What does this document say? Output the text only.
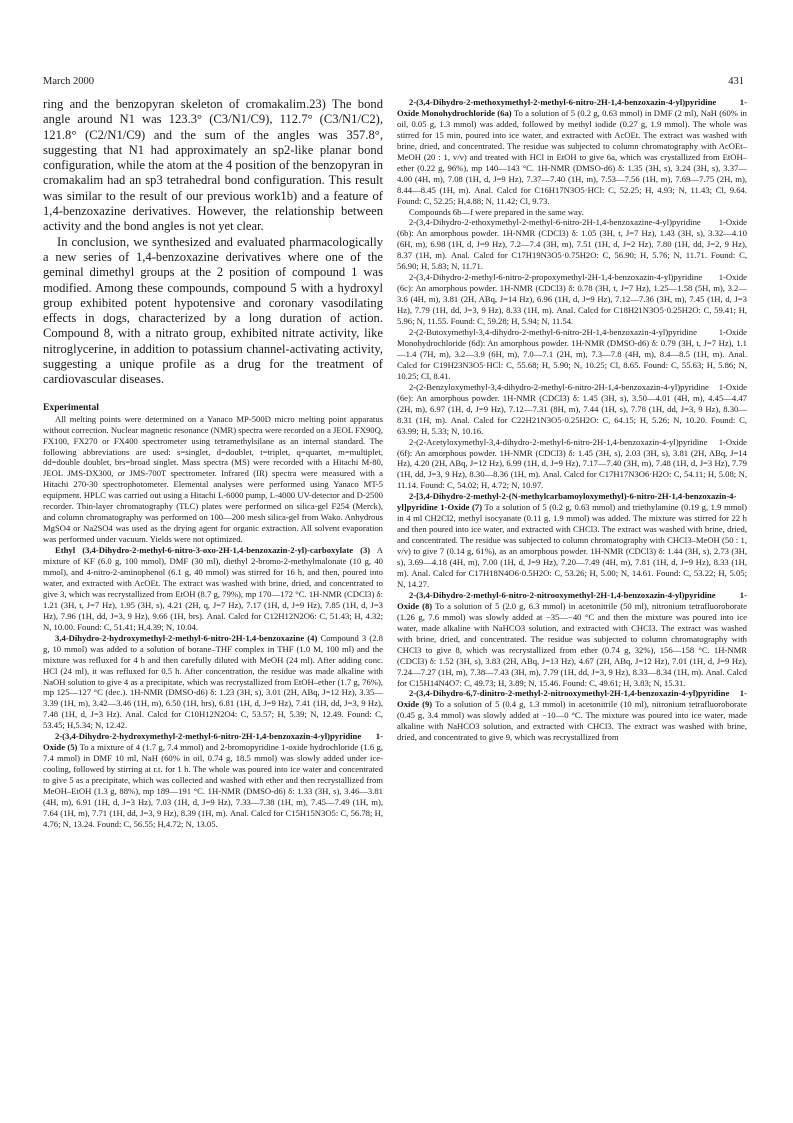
March 2000	431

ring and the benzopyran skeleton of cromakalim.23) The bond angle around N1 was 123.3° (C3/N1/C9), 112.7° (C3/N1/C2), 121.8° (C2/N1/C9) and the sum of the angles was 357.8°, suggesting that N1 had approximately an sp2-like planar bond configuration, while the atom at the 4 position of the benzopyran in cromakalim had an sp3 tetrahedral bond configuration. This result was similar to the result of our previous work1b) and a feature of 1,4-benzoxazine derivatives. However, the relationship between activity and the bond angles is not yet clear.

In conclusion, we synthesized and evaluated pharmacologically a new series of 1,4-benzoxazine derivatives where one of the geminal dimethyl groups at the 2 position of compound 1 was modified. Among these compounds, compound 5 with a hydroxyl group exhibited potent hypotensive and coronary vasodilating effects in dogs, characterized by a long duration of action. Compound 8, with a nitrato group, exhibited nitrate activity, like nitroglycerine, in addition to potassium channel-activating activity, suggesting a unique profile as a drug for the treatment of cardiovascular diseases.

Experimental

All melting points were determined on a Yanaco MP-500D micro melting point apparatus without correction. Nuclear magnetic resonance (NMR) spectra were recorded on a JEOL FX90Q, FX100, FX270 or FX400 spectrometer using tetramethylsilane as an internal standard. The following abbreviations are used: s=singlet, d=doublet, t=triplet, q=quartet, m=multiplet, dd=double doublet, brs=broad singlet. Mass spectra (MS) were recorded with a Hitachi M-80, JEOL JMS-DX300, or JMS-700T spectrometer. Infrared (IR) spectra were measured with a Hitachi 270-30 spectrophotometer. Elemental analyses were performed using Yanaco MT-5 equipment. HPLC was carried out using a Hitachi L-6000 pump, L-4000 UV-detector and D-2500 recorder. Thin-layer chromatography (TLC) plates were performed on silica-gel F254 (Merck), and column chromatography was performed on 100—200 mesh silica-gel from Wako. Anhydrous MgSO4 or Na2SO4 was used as the drying agent for organic extraction. All solvent evaporation was performed under vacuum. Yields were not optimized.

Ethyl (3,4-Dihydro-2-methyl-6-nitro-3-oxo-2H-1,4-benzoxazin-2-yl)-carboxylate (3) A mixture of KF (6.0 g, 100 mmol), DMF (30 ml), diethyl 2-bromo-2-methylmalonate (10 g, 40 mmol), and 4-nitro-2-aminophenol (6.1 g, 40 mmol) was stirred for 16 h, and then, poured into water, and extracted with AcOEt. The extract was washed with brine, dried, and concentrated to give 3, which was recrystallized from EtOH (8.7 g, 79%), mp 170—172 °C. 1H-NMR (CDCl3) δ: 1.21 (3H, t, J=7 Hz), 1.95 (3H, s), 4.21 (2H, q, J=7 Hz), 7.17 (1H, d, J=9 Hz), 7.85 (1H, d, J=3 Hz), 7.96 (1H, dd, J=3, 9 Hz), 9.66 (1H, brs). Anal. Calcd for C12H12N2O6: C, 51.43; H, 4.32; N, 10.00. Found: C, 51.41; H,4.39; N, 10.04.

3,4-Dihydro-2-hydroxymethyl-2-methyl-6-nitro-2H-1,4-benzoxazine (4) Compound 3 (2.8 g, 10 mmol) was added to a solution of borane–THF complex in THF (1.0 M, 100 ml) and the mixture was refluxed for 4 h and then carefully diluted with MeOH (24 ml). After adding conc. HCl (24 ml), it was refluxed for 0.5 h. After concentration, the residue was made alkaline with NaOH solution to give 4 as a precipitate, which was recrystallized from EtOH–ether (1.7 g, 76%), mp 125—127 °C (dec.). 1H-NMR (DMSO-d6) δ: 1.23 (3H, s), 3.01 (2H, ABq, J=12 Hz), 3.35—3.39 (1H, m), 3.42—3.46 (1H, m), 6.50 (1H, brs), 6.81 (1H, d, J=9 Hz), 7.41 (1H, dd, J=3, 9 Hz), 7.48 (1H, d, J=3 Hz). Anal. Calcd for C10H12N2O4: C, 53.57; H, 5.39; N, 12.49. Found: C, 53.45; H,5.34; N, 12.42.

2-(3,4-Dihydro-2-hydroxymethyl-2-methyl-6-nitro-2H-1,4-benzoxazin-4-yl)pyridine 1-Oxide (5) To a mixture of 4 (1.7 g, 7.4 mmol) and 2-bromopyridine 1-oxide hydrochloride (1.6 g, 7.4 mmol) in DMF 10 ml, NaH (60% in oil, 0.74 g, 18.5 mmol) was slowly added under ice-cooling, followed by stirring at r.t. for 1 h. The whole was poured into ice water and concentrated to give 5 as a precipitate, which was collected and washed with ether and then recrystallized from MeOH–EtOH (1.3 g, 88%), mp 189—191 °C. 1H-NMR (DMSO-d6) δ: 1.33 (3H, s), 3.46—3.81 (4H, m), 6.91 (1H, d, J=3 Hz), 7.03 (1H, d, J=9 Hz), 7.33—7.38 (1H, m), 7.45—7.49 (1H, m), 7.64 (1H, m), 7.71 (1H, dd, J=3, 9 Hz), 8.39 (1H, m). Anal. Calcd for C15H15N3O5: C, 56.78; H, 4.76; N, 13.24. Found: C, 56.55; H,4.72; N, 13.05.

2-(3,4-Dihydro-2-methoxymethyl-2-methyl-6-nitro-2H-1,4-benzoxazin-4-yl)pyridine 1-Oxide Monohydrochloride (6a) To a solution of 5 (0.2 g, 0.63 mmol) in DMF (2 ml), NaH (60% in oil, 0.05 g, 1.3 mmol) was added, followed by methyl iodide (0.27 g, 1.9 mmol). The whole was stirred for 15 min, poured into ice water, and extracted with AcOEt. The extract was washed with brine, dried, and concentrated. The residue was subjected to column chromatography with AcOEt–MeOH (20 : 1, v/v) and treated with HCl in EtOH to give 6a, which was crystallized from EtOH–ether (0.22 g, 96%), mp 140—143 °C. 1H-NMR (DMSO-d6) δ: 1.35 (3H, s), 3.24 (3H, s), 3.37—4.00 (4H, m), 7.08 (1H, d, J=9 Hz), 7.37—7.40 (1H, m), 7.53—7.56 (1H, m), 7.69—7.75 (2H, m), 8.44—8.45 (1H, m). Anal. Calcd for C16H17N3O5·HCl: C, 52.25; H, 4.93; N, 11.43; Cl, 9.64. Found: C, 52.25; H,4.88; N, 11.42; Cl, 9.73.

Compounds 6b—f were prepared in the same way.

2-(3,4-Dihydro-2-ethoxymethyl-2-methyl-6-nitro-2H-1,4-benzoxazine-4-yl)pyridine 1-Oxide (6b): An amorphous powder. 1H-NMR (CDCl3) δ: 1.05 (3H, t, J=7 Hz), 1.43 (3H, s), 3.32—4.10 (6H, m), 6.98 (1H, d, J=9 Hz), 7.2—7.4 (3H, m), 7.51 (1H, d, J=2 Hz), 7.80 (1H, dd, J=2, 9 Hz), 8.37 (1H, m). Anal. Calcd for C17H19N3O5·0.75H2O: C, 56.90; H, 5.76; N, 11.71. Found: C, 56.90; H, 5.83; N, 11.71.

2-(3,4-Dihydro-2-methyl-6-nitro-2-propoxymethyl-2H-1,4-benzoxazin-4-yl)pyridine 1-Oxide (6c): An amorphous powder. 1H-NMR (CDCl3) δ: 0.78 (3H, t, J=7 Hz), 1.25—1.58 (5H, m), 3.2—3.6 (4H, m), 3.81 (2H, ABq, J=14 Hz), 6.96 (1H, d, J=9 Hz), 7.12—7.36 (3H, m), 7.45 (1H, d, J=3 Hz), 7.79 (1H, dd, J=3, 9 Hz), 8.33 (1H, m). Anal. Calcd for C18H21N3O5·0.25H2O: C, 59.41; H, 5.96; N, 11.55. Found: C, 59.28; H, 5.94; N, 11.54.

2-(2-Butoxymethyl-3,4-dihydro-2-methyl-6-nitro-2H-1,4-benzoxazin-4-yl)pyridine 1-Oxide Monohydrochloride (6d): An amorphous powder. 1H-NMR (DMSO-d6) δ: 0.79 (3H, t, J=7 Hz), 1.1—1.4 (7H, m), 3.2—3.9 (6H, m), 7.0—7.1 (2H, m), 7.3—7.8 (4H, m), 8.4—8.5 (1H, m). Anal. Calcd for C19H23N3O5·HCl: C, 55.68; H, 5.90; N, 10.25; Cl, 8.65. Found: C, 55.63; H, 5.86; N, 10.25; Cl, 8.41.

2-(2-Benzyloxymethyl-3,4-dihydro-2-methyl-6-nitro-2H-1,4-benzoxazin-4-yl)pyridine 1-Oxide (6e): An amorphous powder. 1H-NMR (CDCl3) δ: 1.45 (3H, s), 3.50—4.01 (4H, m), 4.45—4.47 (2H, m), 6.97 (1H, d, J=9 Hz), 7.12—7.31 (8H, m), 7.44 (1H, s), 7.78 (1H, dd, J=3, 9 Hz), 8.30—8.31 (1H, m). Anal. Calcd for C22H21N3O5·0.25H2O: C, 64.15; H, 5.26; N, 10.20. Found: C, 63.99; H, 5.33; N, 10.16.

2-(2-Acetyloxymethyl-3,4-dihydro-2-methyl-6-nitro-2H-1,4-benzoxazin-4-yl)pyridine 1-Oxide (6f): An amorphous powder. 1H-NMR (CDCl3) δ: 1.45 (3H, s), 2.03 (3H, s), 3.81 (2H, ABq, J=14 Hz), 4.20 (2H, ABq, J=12 Hz), 6.99 (1H, d, J=9 Hz), 7.17—7.40 (3H, m), 7.48 (1H, d, J=3 Hz), 7.79 (1H, dd, J=3, 9 Hz), 8.30—8.36 (1H, m). Anal. Calcd for C17H17N3O6·H2O: C, 54.11; H, 5.08; N, 11.14. Found: C, 54.02; H, 4.72; N, 10.97.

2-[3,4-Dihydro-2-methyl-2-(N-methylcarbamoyloxymethyl)-6-nitro-2H-1,4-benzoxazin-4-yl]pyridine 1-Oxide (7) To a solution of 5 (0.2 g, 0.63 mmol) and triethylamine (0.19 g, 1.9 mmol) in 4 ml CH2Cl2, methyl isocyanate (0.11 g, 1.9 mmol) was added. The mixture was stirred for 22 h and then poured into ice water, and extracted with CHCl3. The extract was washed with brine, dried, and concentrated. The residue was subjected to column chromatography with CHCl3–MeOH (50 : 1, v/v) to give 7 (0.14 g, 61%), as an amorphous powder. 1H-NMR (CDCl3) δ: 1.44 (3H, s), 2.73 (3H, s), 3.69—4.18 (4H, m), 7.00 (1H, d, J=9 Hz), 7.20—7.49 (4H, m), 7.81 (1H, d, J=9 Hz), 8.33 (1H, m). Anal. Calcd for C17H18N4O6·0.5H2O: C, 53.26; H, 5.00; N, 14.61. Found: C, 53.22; H, 5.05; N, 14.27.

2-(3,4-Dihydro-2-methyl-6-nitro-2-nitrooxymethyl-2H-1,4-benzoxazin-4-yl)pyridine 1-Oxide (8) To a solution of 5 (2.0 g, 6.3 mmol) in acetonitrile (50 ml), nitronium tetrafluoroborate (1.26 g, 7.6 mmol) was slowly added at −35—−40 °C and then the mixture was poured into ice water, made alkaline with NaHCO3 solution, and extracted with CHCl3. The extract was washed with brine, dried, and concentrated. The residue was subjected to column chromatography with CHCl3 to give 8, which was recrystallized from ether (0.74 g, 32%), 156—158 °C. 1H-NMR (CDCl3) δ: 1.52 (3H, s), 3.83 (2H, ABq, J=13 Hz), 4.67 (2H, ABq, J=12 Hz), 7.01 (1H, d, J=9 Hz), 7.24—7.27 (1H, m), 7.38—7.43 (3H, m), 7.79 (1H, dd, J=3, 9 Hz), 8.33—8.34 (1H, m). Anal. Calcd for C15H14N4O7: C, 49.73; H, 3.89; N, 15.46. Found: C, 49.61; H, 3.83; N, 15.31.

2-(3,4-Dihydro-6,7-dinitro-2-methyl-2-nitrooxymethyl-2H-1,4-benzoxazin-4-yl)pyridine 1-Oxide (9) To a solution of 5 (0.4 g, 1.3 mmol) in acetonitrile (10 ml), nitronium tetrafluoroborate (0.45 g, 3.4 mmol) was slowly added at −10—0 °C. The mixture was poured into ice water, made alkaline with NaHCO3 solution, and extracted with CHCl3. The extract was washed with brine, dried, and concentrated to give 9, which was recrystallized from
